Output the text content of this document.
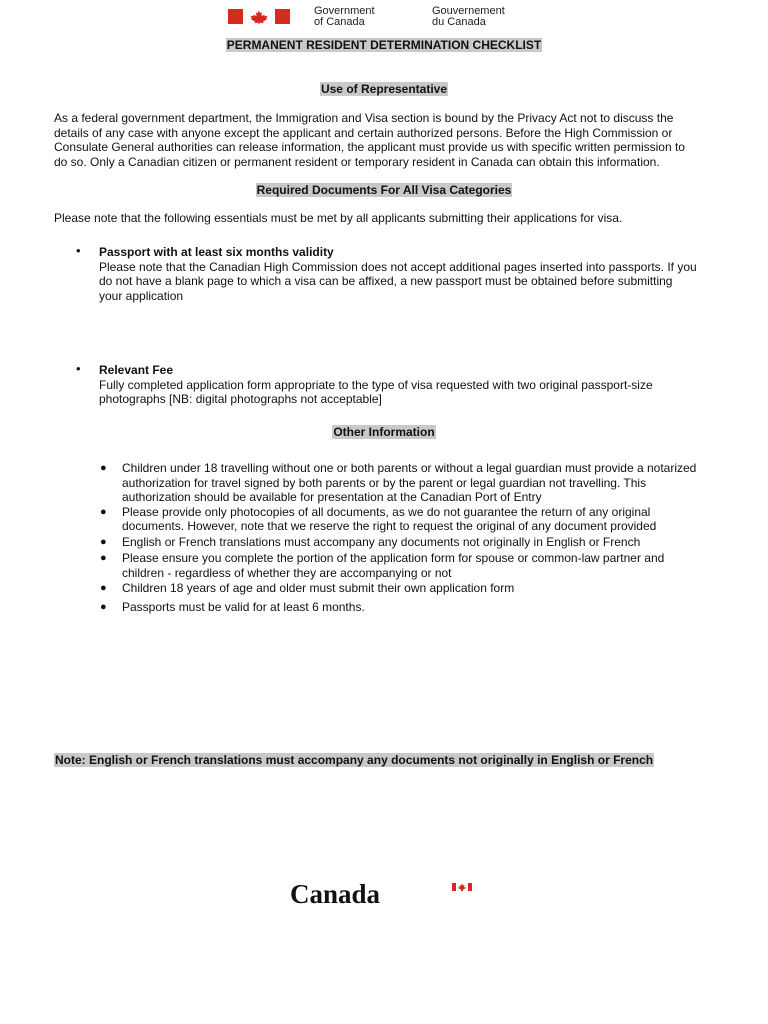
Government
of Canada
Gouvernement
du Canada
PERMANENT RESIDENT DETERMINATION CHECKLIST
Use of Representative
As a federal government department, the Immigration and Visa section is bound by the Privacy Act not to discuss the
details of any case with anyone except the applicant and certain authorized persons. Before the High Commission or
Consulate General authorities can release information, the applicant must provide us with specific written permission to
do so. Only a Canadian citizen or permanent resident or temporary resident in Canada can obtain this information.
Required Documents For All Visa Categories
Please note that the following essentials must be met by all applicants submitting their applications for visa.
• Passport with at least six months validity
Please note that the Canadian High Commission does not accept additional pages inserted into passports. If you
do not have a blank page to which a visa can be affixed, a new passport must be obtained before submitting
your application
• Relevant Fee
Fully completed application form appropriate to the type of visa requested with two original passport-size
photographs [NB: digital photographs not acceptable]
Other Information
● Children under 18 travelling without one or both parents or without a legal guardian must provide a notarized
authorization for travel signed by both parents or by the parent or legal guardian not travelling. This
authorization should be available for presentation at the Canadian Port of Entry
● Please provide only photocopies of all documents, as we do not guarantee the return of any original
documents. However, note that we reserve the right to request the original of any document provided
● English or French translations must accompany any documents not originally in English or French
● Please ensure you complete the portion of the application form for spouse or common-law partner and
children - regardless of whether they are accompanying or not
● Children 18 years of age and older must submit their own application form
● Passports must be valid for at least 6 months.
Note: English or French translations must accompany any documents not originally in English or French
Canada
